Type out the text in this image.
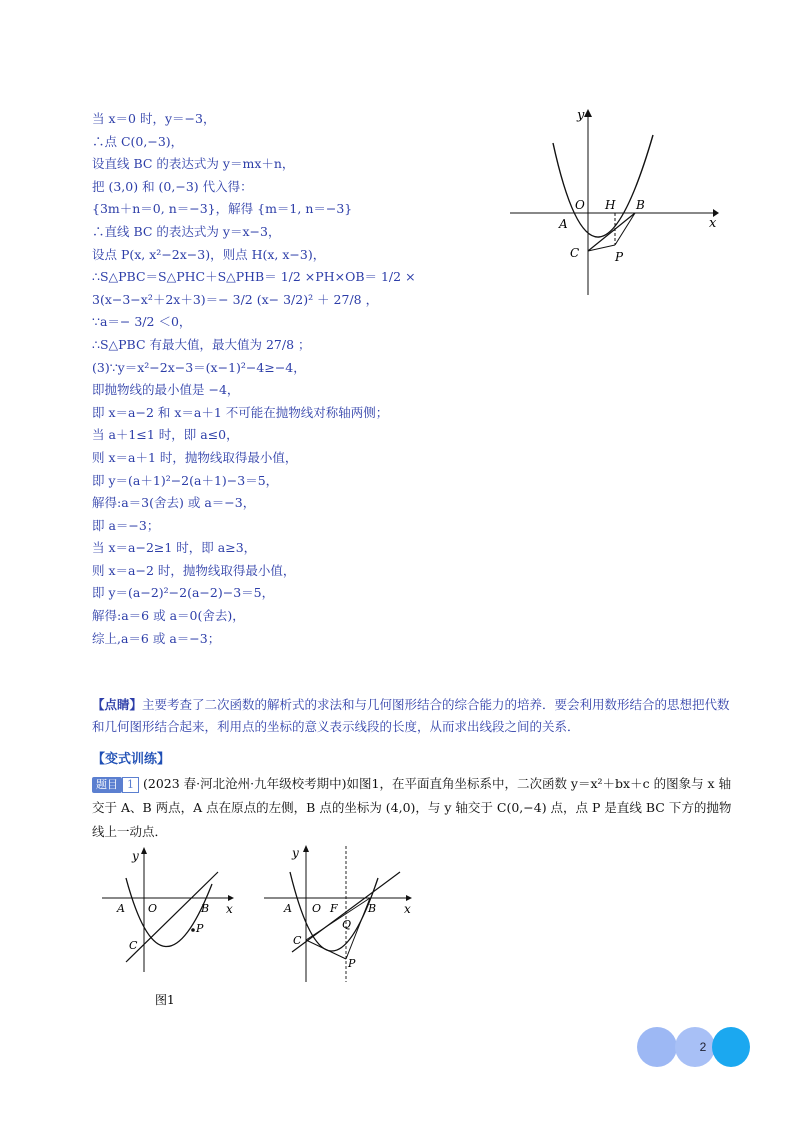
当 x＝0 时，y＝−3，
∴点 C(0,−3)，
设直线 BC 的表达式为 y＝mx＋n，
把 (3,0) 和 (0,−3) 代入得：
{3m＋n＝0, n＝−3}，解得 {m＝1, n＝−3}
∴直线 BC 的表达式为 y＝x−3，
设点 P(x, x²−2x−3)，则点 H(x, x−3)，
∴S△PBC＝S△PHC＋S△PHB＝ 1/2 ×PH×OB＝ 1/2 ×
3(x−3−x²＋2x＋3)＝− 3/2 (x− 3/2)² ＋ 27/8 ，
∵a＝− 3/2 ＜0，
∴S△PBC 有最大值，最大值为 27/8 ；
(3)∵y＝x²−2x−3＝(x−1)²−4≥−4，
即抛物线的最小值是 −4，
即 x＝a−2 和 x＝a＋1 不可能在抛物线对称轴两侧；
当 a＋1≤1 时，即 a≤0，
则 x＝a＋1 时，抛物线取得最小值，
即 y＝(a＋1)²−2(a＋1)−3＝5，
解得:a＝3(舍去) 或 a＝−3，
即 a＝−3；
当 x＝a−2≥1 时，即 a≥3，
则 x＝a−2 时，抛物线取得最小值，
即 y＝(a−2)²−2(a−2)−3＝5，
解得:a＝6 或 a＝0(舍去)，
综上,a＝6 或 a＝−3；
y
x
A
O H B
C	P
【点睛】主要考查了二次函数的解析式的求法和与几何图形结合的综合能力的培养．要会利用数形结合的思想把代数和几何图形结合起来，利用点的坐标的意义表示线段的长度，从而求出线段之间的关系．
【变式训练】
题目 1 (2023 春·河北沧州·九年级校考期中)如图1，在平面直角坐标系中，二次函数 y＝x²＋bx＋c 的图象与 x 轴交于 A、B 两点，A 点在原点的左侧，B 点的坐标为 (4,0)，与 y 轴交于 C(0,−4) 点，点 P 是直线 BC 下方的抛物线上一动点．
y
x
A O	B
C
P
图1
y
x
A O F	B
C
Q
P
2
